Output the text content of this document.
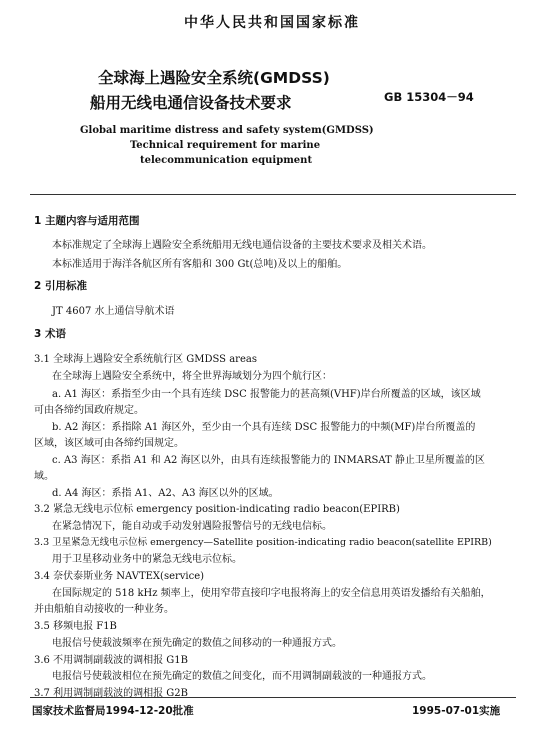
中华人民共和国国家标准
全球海上遇险安全系统(GMDSS)
船用无线电通信设备技术要求	GB 15304－94
Global maritime distress and safety system(GMDSS)
Technical requirement for marine
telecommunication equipment
1 主题内容与适用范围
本标准规定了全球海上遇险安全系统船用无线电通信设备的主要技术要求及相关术语。
本标准适用于海洋各航区所有客船和 300 Gt(总吨)及以上的船舶。
2 引用标准
JT 4607 水上通信导航术语
3 术语
3.1 全球海上遇险安全系统航行区 GMDSS areas
在全球海上遇险安全系统中，将全世界海域划分为四个航行区：
a. A1 海区：系指至少由一个具有连续 DSC 报警能力的甚高频(VHF)岸台所覆盖的区域，该区域
可由各缔约国政府规定。
b. A2 海区：系指除 A1 海区外，至少由一个具有连续 DSC 报警能力的中频(MF)岸台所覆盖的
区域，该区域可由各缔约国规定。
c. A3 海区：系指 A1 和 A2 海区以外，由具有连续报警能力的 INMARSAT 静止卫星所覆盖的区
域。
d. A4 海区：系指 A1、A2、A3 海区以外的区域。
3.2 紧急无线电示位标 emergency position-indicating radio beacon(EPIRB)
在紧急情况下，能自动或手动发射遇险报警信号的无线电信标。
3.3 卫星紧急无线电示位标 emergency—Satellite position-indicating radio beacon(satellite EPIRB)
用于卫星移动业务中的紧急无线电示位标。
3.4 奈伏泰斯业务 NAVTEX(service)
在国际规定的 518 kHz 频率上，使用窄带直接印字电报将海上的安全信息用英语发播给有关船舶，
并由船舶自动接收的一种业务。
3.5 移频电报 F1B
电报信号使载波频率在预先确定的数值之间移动的一种通报方式。
3.6 不用调制副载波的调相报 G1B
电报信号使载波相位在预先确定的数值之间变化，而不用调制副载波的一种通报方式。
3.7 利用调制副载波的调相报 G2B
国家技术监督局1994-12-20批准	1995-07-01实施
